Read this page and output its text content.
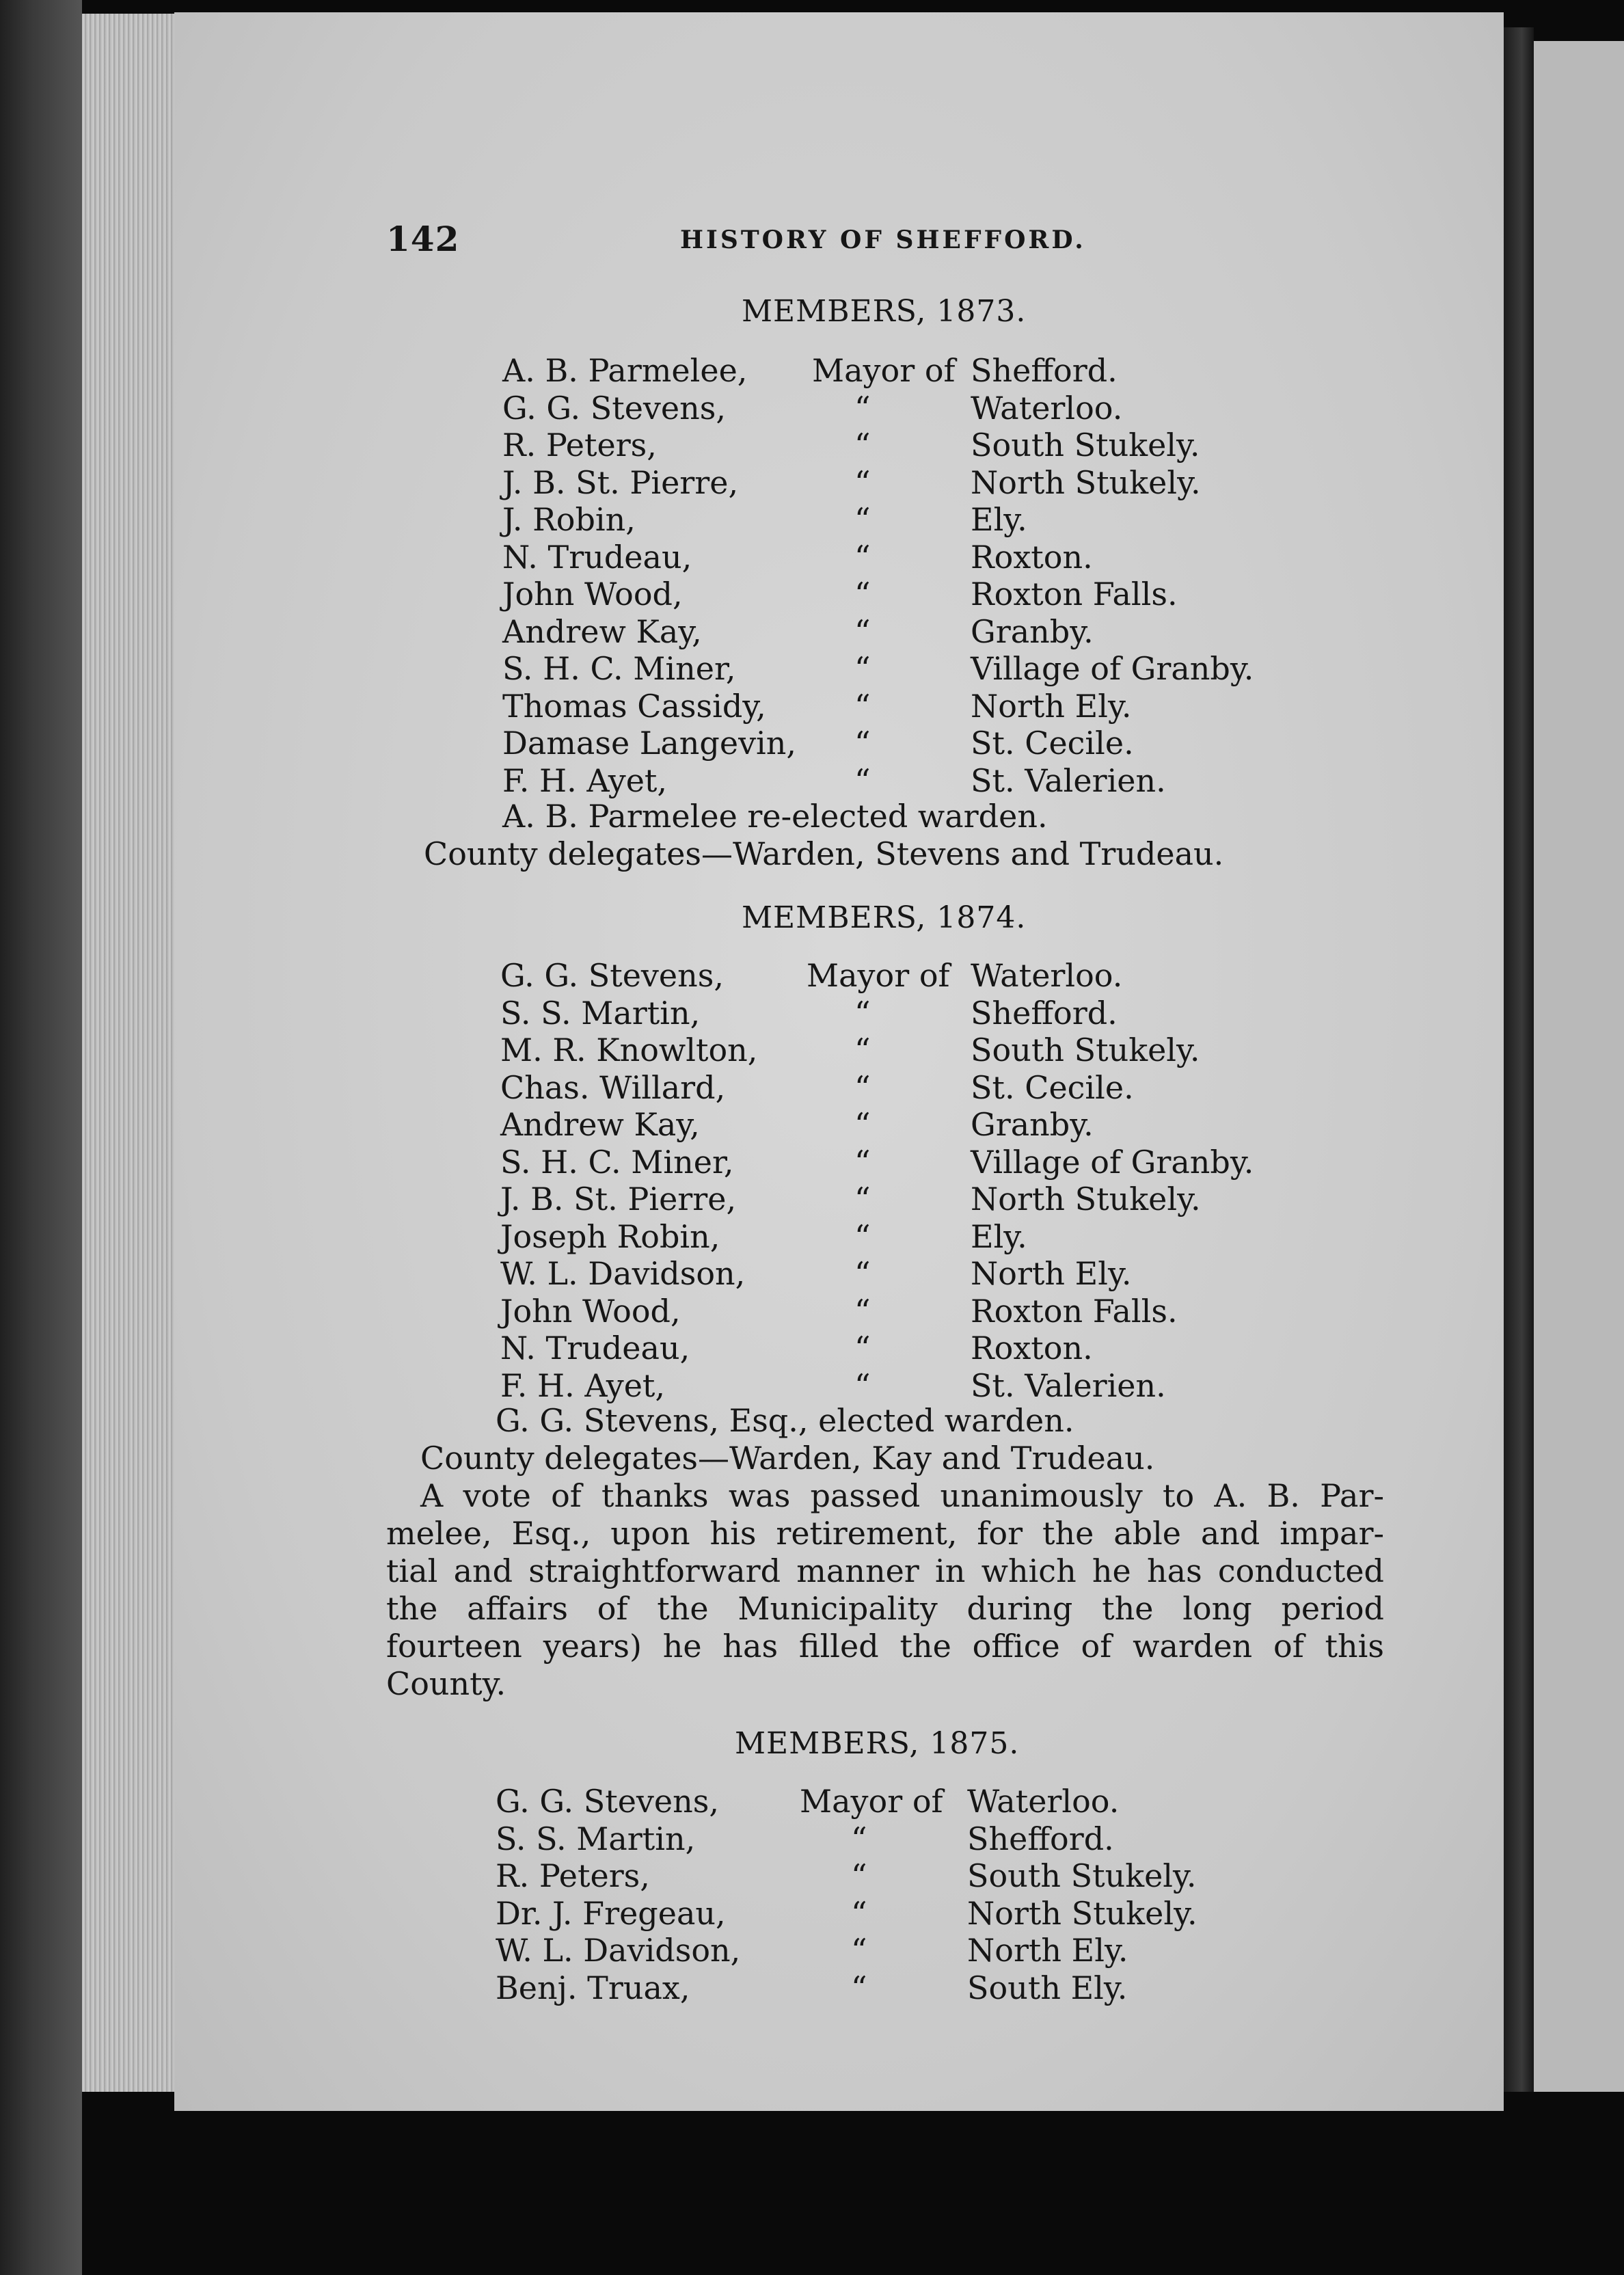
142	HISTORY OF SHEFFORD.
MEMBERS, 1873.
A. B. Parmelee, Mayor of Shefford.
G. G. Stevens,	“	Waterloo.
R. Peters,	“	South Stukely.
J. B. St. Pierre,	“	North Stukely.
J. Robin,	“	Ely.
N. Trudeau,	“	Roxton.
John Wood,	“	Roxton Falls.
Andrew Kay,	“	Granby.
S. H. C. Miner,	“	Village of Granby.
Thomas Cassidy,	“	North Ely.
Damase Langevin, “	St. Cecile.
F. H. Ayet,	“	St. Valerien.
A. B. Parmelee re-elected warden.
County delegates—Warden, Stevens and Trudeau.
MEMBERS, 1874.
G. G. Stevens,	Mayor of Waterloo.
S. S. Martin,	“	Shefford.
M. R. Knowlton,	“	South Stukely.
Chas. Willard,	“	St. Cecile.
Andrew Kay,	“	Granby.
S. H. C. Miner,	“	Village of Granby.
J. B. St. Pierre,	“	North Stukely.
Joseph Robin,	“	Ely.
W. L. Davidson,	“	North Ely.
John Wood,	“	Roxton Falls.
N. Trudeau,	“	Roxton.
F. H. Ayet,	“	St. Valerien.
G. G. Stevens, Esq., elected warden.
County delegates—Warden, Kay and Trudeau.
A vote of thanks was passed unanimously to A. B. Par-
melee, Esq., upon his retirement, for the able and impar-
tial and straightforward manner in which he has conducted
the affairs of the Municipality during the long period
fourteen years) he has filled the office of warden of this
County.
MEMBERS, 1875.
G. G. Stevens,	Mayor of Waterloo.
S. S. Martin,	“	Shefford.
R. Peters,	“	South Stukely.
Dr. J. Fregeau,	“	North Stukely.
W. L. Davidson,	“	North Ely.
Benj. Truax,	“	South Ely.
